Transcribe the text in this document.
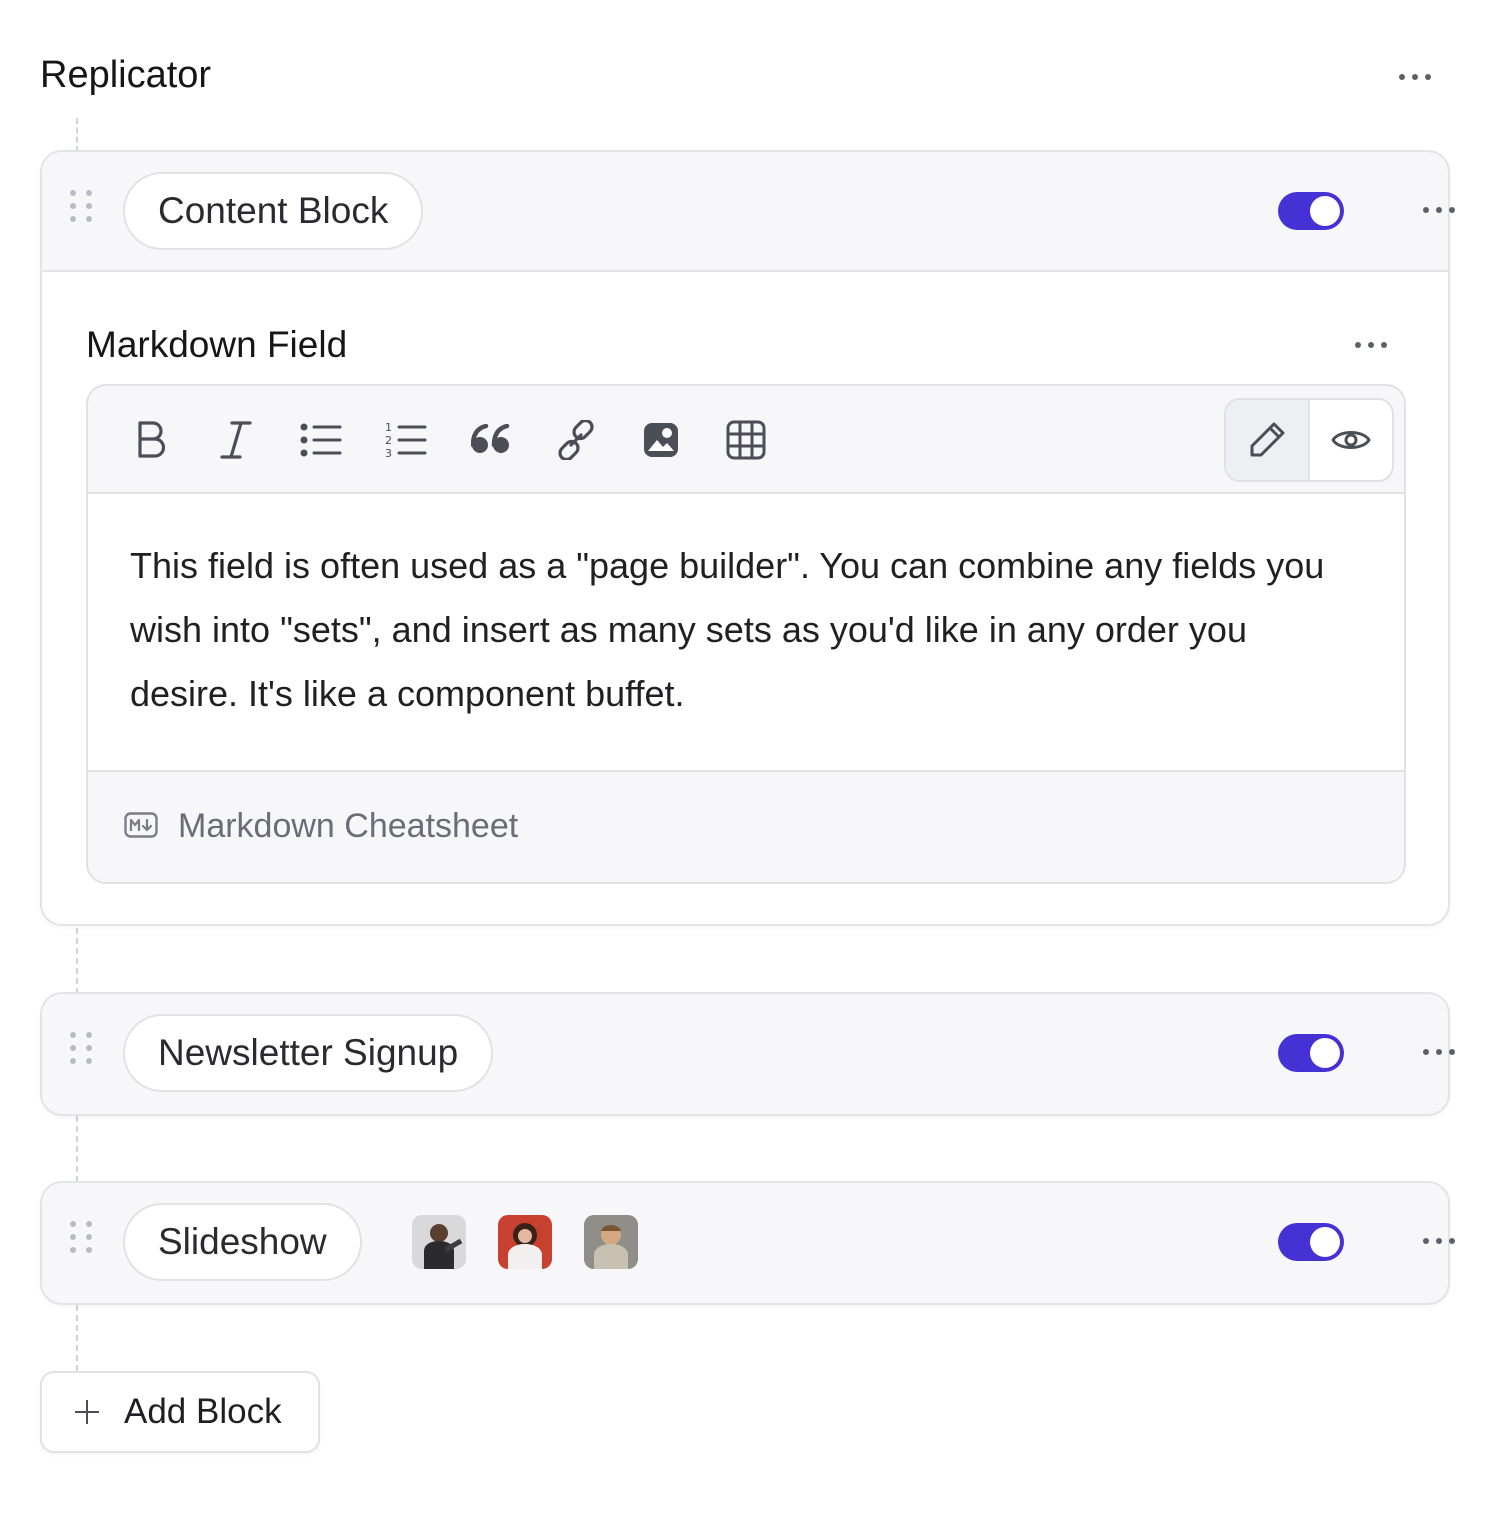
Replicator
Content Block
Markdown Field
1
2
3
This field is often used as a "page builder". You can combine any fields you wish into "sets", and insert as many sets as you'd like in any order you desire. It's like a component buffet.
Markdown Cheatsheet
Newsletter Signup
Slideshow
Add Block
